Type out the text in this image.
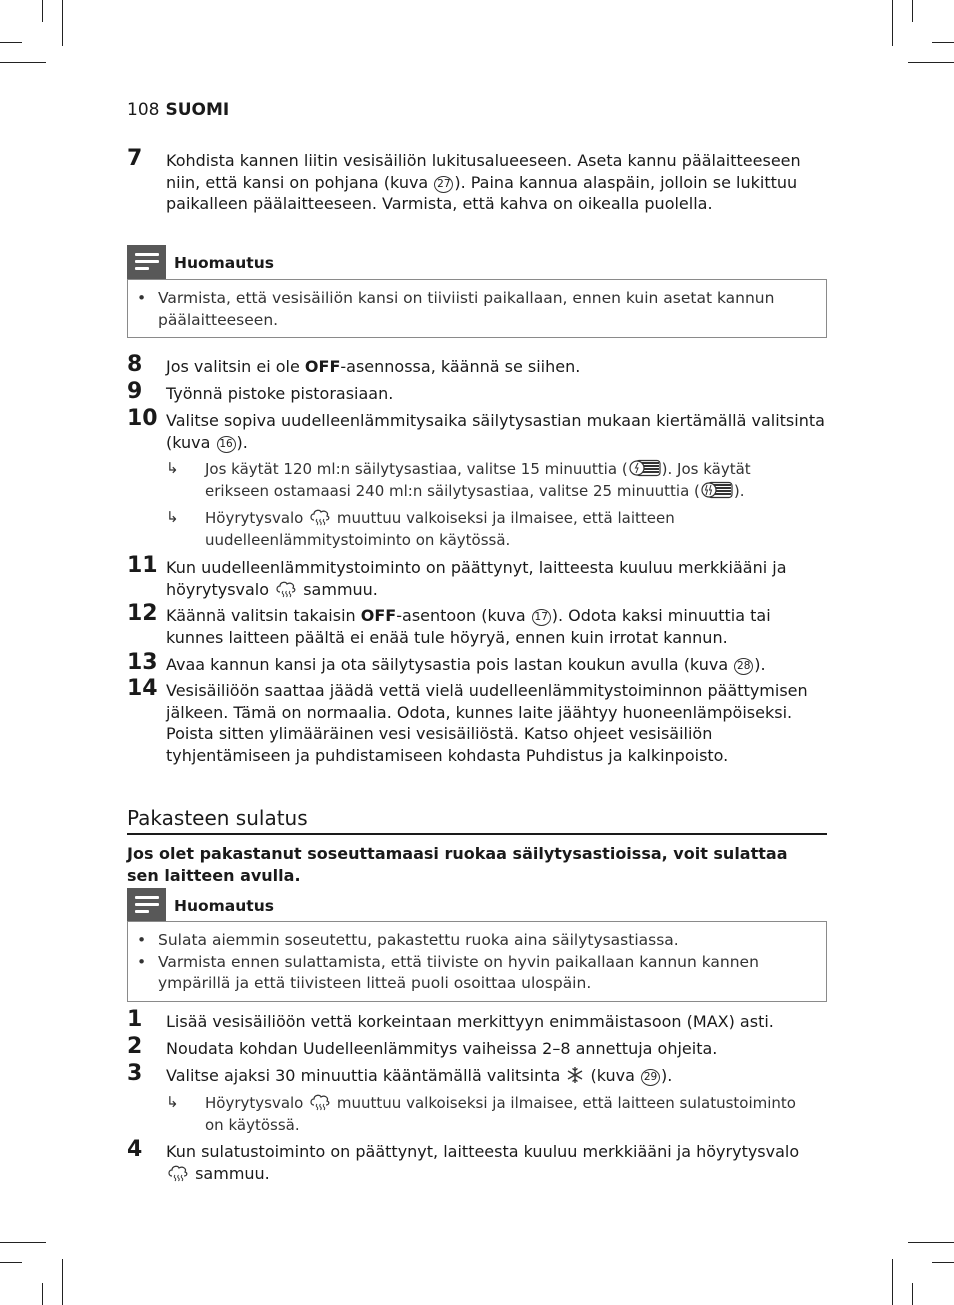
108 SUOMI
7	Kohdista kannen liitin vesisäiliön lukitusalueeseen. Aseta kannu päälaitteeseen niin, että kansi on pohjana (kuva 27 ). Paina kannua alaspäin, jolloin se lukittuu paikalleen päälaitteeseen. Varmista, että kahva on oikealla puolella.
Huomautus
• Varmista, että vesisäiliön kansi on tiiviisti paikallaan, ennen kuin asetat kannun päälaitteeseen.
8	Jos valitsin ei ole OFF-asennossa, käännä se siihen.
9	Työnnä pistoke pistorasiaan.
10 Valitse sopiva uudelleenlämmitysaika säilytysastian mukaan kiertämällä valitsinta (kuva 16 ).
↳ Jos käytät 120 ml:n säilytysastiaa, valitse 15 minuuttia ( ). Jos käytät erikseen ostamaasi 240 ml:n säilytysastiaa, valitse 25 minuuttia ( ).
↳ Höyrytysvalo
muuttuu valkoiseksi ja ilmaisee, että laitteen uudelleenlämmitystoiminto on käytössä.
11 Kun uudelleenlämmitystoiminto on päättynyt, laitteesta kuuluu merkkiääni ja höyrytysvalo
sammuu.
12 Käännä valitsin takaisin OFF-asentoon (kuva 17 ). Odota kaksi minuuttia tai kunnes laitteen päältä ei enää tule höyryä, ennen kuin irrotat kannun.
13 Avaa kannun kansi ja ota säilytysastia pois lastan koukun avulla (kuva 28 ).
14 Vesisäiliöön saattaa jäädä vettä vielä uudelleenlämmitystoiminnon päättymisen jälkeen. Tämä on normaalia. Odota, kunnes laite jäähtyy huoneenlämpöiseksi. Poista sitten ylimääräinen vesi vesisäiliöstä. Katso ohjeet vesisäiliön tyhjentämiseen ja puhdistamiseen kohdasta Puhdistus ja kalkinpoisto.
Pakasteen sulatus
Jos olet pakastanut soseuttamaasi ruokaa säilytysastioissa, voit sulattaa sen laitteen avulla.
Huomautus
• Sulata aiemmin soseutettu, pakastettu ruoka aina säilytysastiassa.
• Varmista ennen sulattamista, että tiiviste on hyvin paikallaan kannun kannen ympärillä ja että tiivisteen litteä puoli osoittaa ulospäin.
1	Lisää vesisäiliöön vettä korkeintaan merkittyyn enimmäistasoon (MAX) asti.
2	Noudata kohdan Uudelleenlämmitys vaiheissa 2–8 annettuja ohjeita.
3	Valitse ajaksi 30 minuuttia kääntämällä valitsinta
(kuva 29 ).
↳ Höyrytysvalo
muuttuu valkoiseksi ja ilmaisee, että laitteen sulatustoiminto on käytössä.
4	Kun sulatustoiminto on päättynyt, laitteesta kuuluu merkkiääni ja höyrytysvalo
sammuu.
